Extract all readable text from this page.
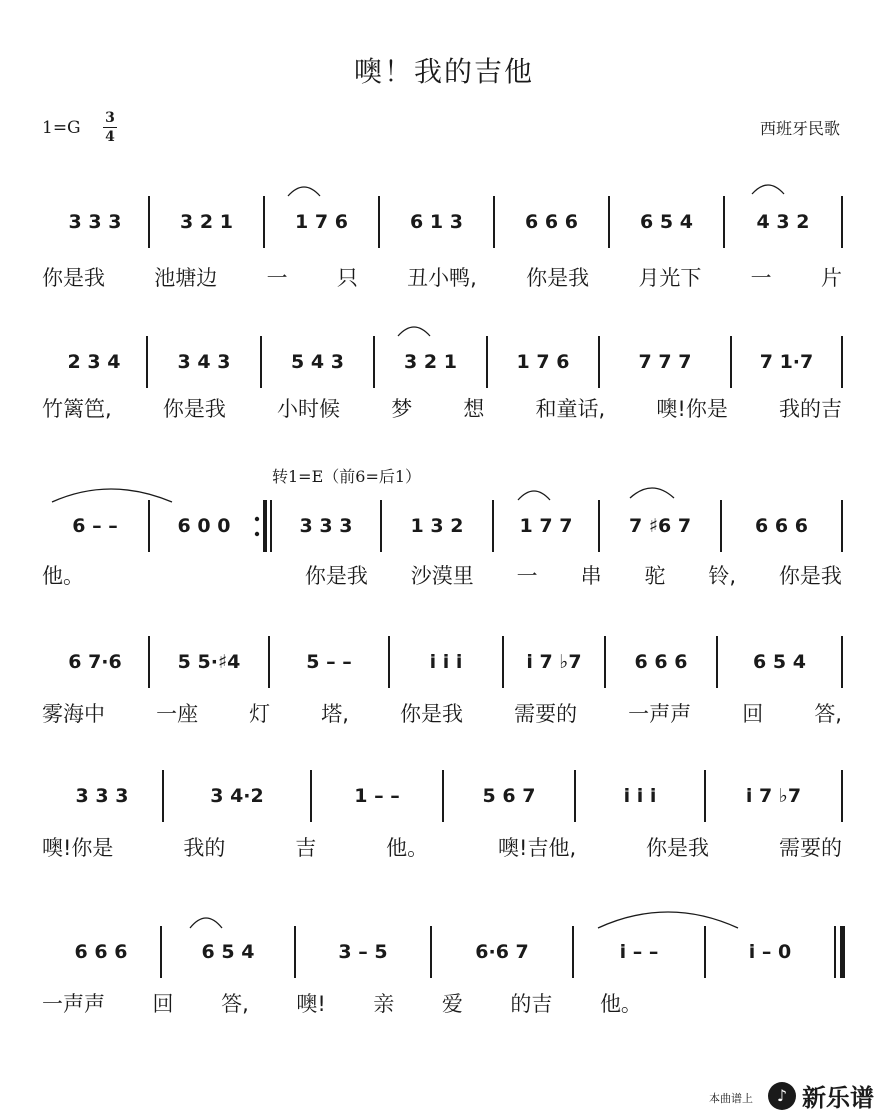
噢！我的吉他
1=G 3
4	西班牙民歌
3 3 3	3 2 1	1 7 6	6 1 3	6 6 6	6 5 4	4 3 2
你是我 池塘边 一 只 丑小鸭, 你是我 月光下 一 片
2 3 4	3 4 3	5 4 3	3 2 1	1 7 6	7 7 7	7 1·7
竹篱笆, 你是我 小时候 梦 想 和童话, 噢!你是 我的吉
转1=E（前6=后1）
6 – –	6 0 0	3 3 3	1 3 2	1 7 7	7 ♯6 7	6 6 6
他。	你是我 沙漠里 一 串 驼 铃, 你是我
6 7·6	5 5·♯4	5 – –	i i i	i 7 ♭7	6 6 6	6 5 4
雾海中 一座 灯 塔, 你是我 需要的 一声声 回 答,
3 3 3	3 4·2	1 – –	5 6 7	i i i	i 7 ♭7
噢!你是	我的	吉	他。	噢!吉他,	你是我	需要的
6 6 6	6 5 4	3 – 5	6·6 7	i – –	i – 0
一声声 回 答, 噢! 亲 爱 的吉 他。
本曲谱上	♪ 新乐谱
